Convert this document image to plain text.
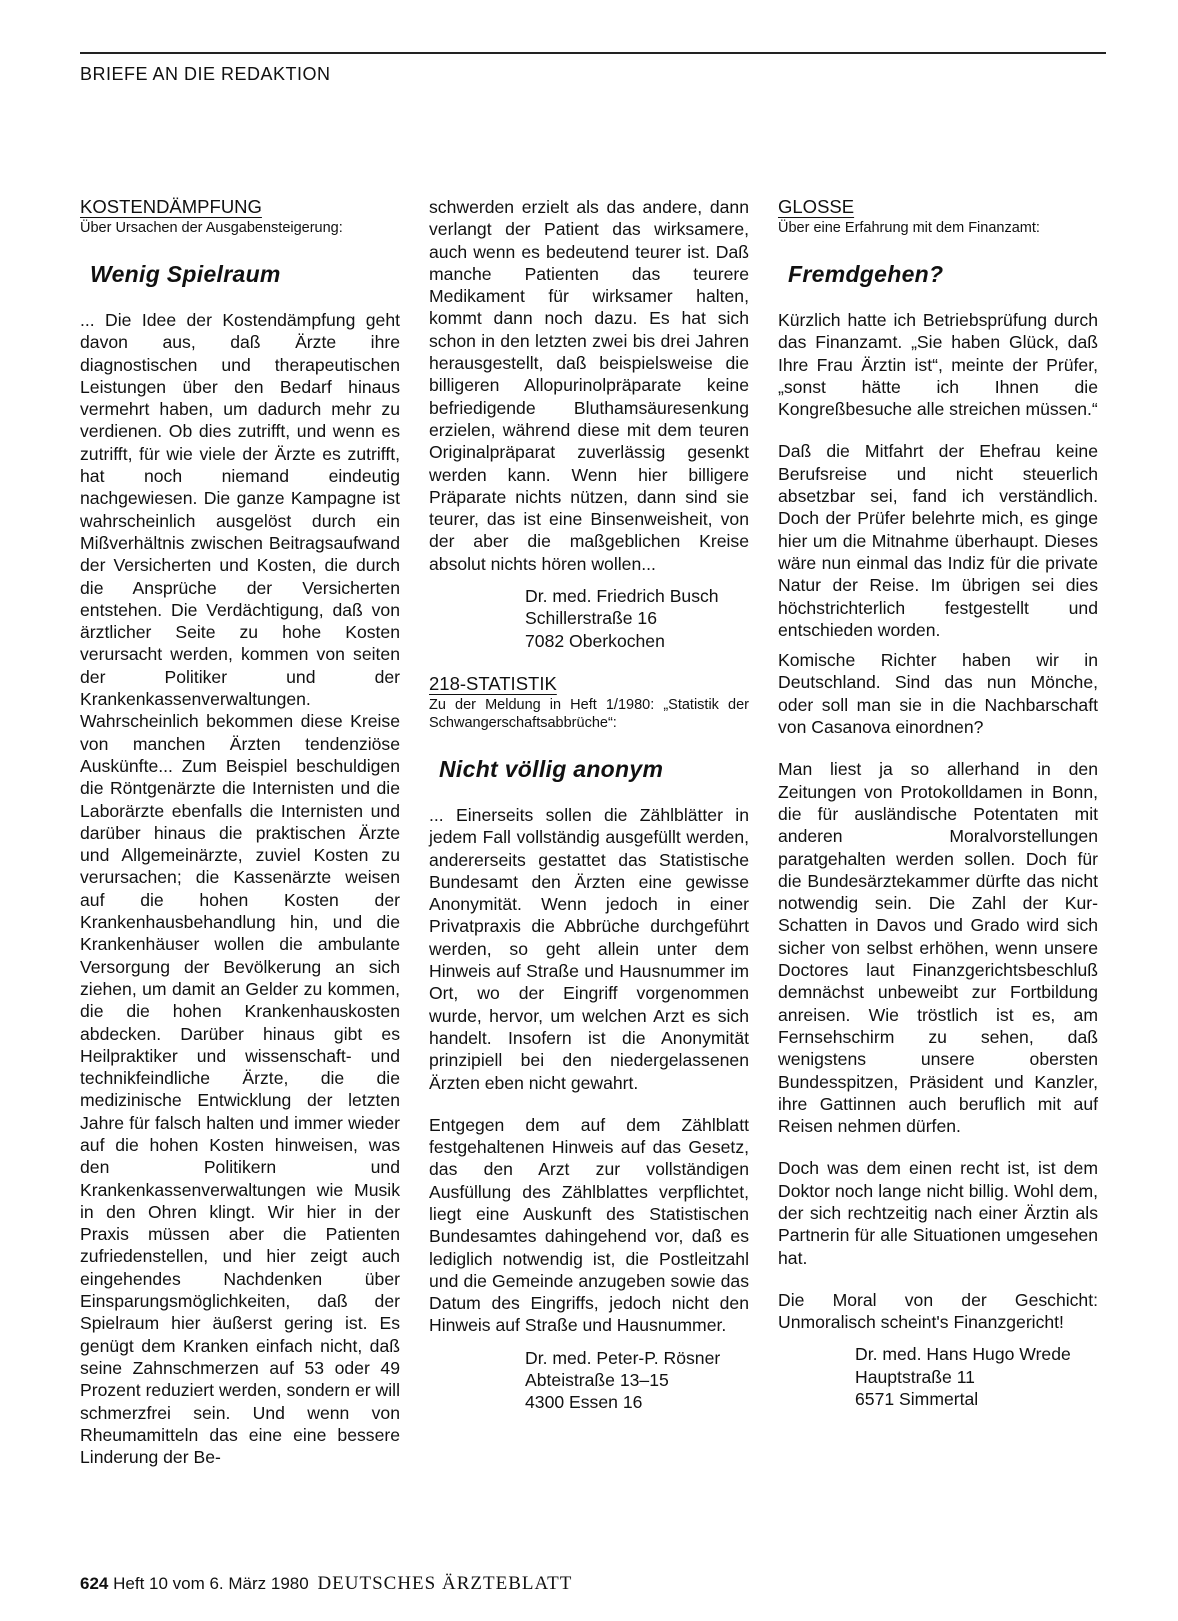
BRIEFE AN DIE REDAKTION

KOSTENDÄMPFUNG

Über Ursachen der Ausgabensteigerung:

Wenig Spielraum

... Die Idee der Kostendämpfung geht davon aus, daß Ärzte ihre diagnostischen und therapeutischen Leistungen über den Bedarf hinaus vermehrt haben, um dadurch mehr zu verdienen. Ob dies zutrifft, und wenn es zutrifft, für wie viele der Ärzte es zutrifft, hat noch niemand eindeutig nachgewiesen. Die ganze Kampagne ist wahrscheinlich ausgelöst durch ein Mißverhältnis zwischen Beitragsaufwand der Versicherten und Kosten, die durch die Ansprüche der Versicherten entstehen. Die Verdächtigung, daß von ärztlicher Seite zu hohe Kosten verursacht werden, kommen von seiten der Politiker und der Krankenkassenverwaltungen. Wahrscheinlich bekommen diese Kreise von manchen Ärzten tendenziöse Auskünfte... Zum Beispiel beschuldigen die Röntgenärzte die Internisten und die Laborärzte ebenfalls die Internisten und darüber hinaus die praktischen Ärzte und Allgemeinärzte, zuviel Kosten zu verursachen; die Kassenärzte weisen auf die hohen Kosten der Krankenhausbehandlung hin, und die Krankenhäuser wollen die ambulante Versorgung der Bevölkerung an sich ziehen, um damit an Gelder zu kommen, die die hohen Krankenhauskosten abdecken. Darüber hinaus gibt es Heilpraktiker und wissenschaft- und technikfeindliche Ärzte, die die medizinische Entwicklung der letzten Jahre für falsch halten und immer wieder auf die hohen Kosten hinweisen, was den Politikern und Krankenkassenverwaltungen wie Musik in den Ohren klingt. Wir hier in der Praxis müssen aber die Patienten zufriedenstellen, und hier zeigt auch eingehendes Nachdenken über Einsparungsmöglichkeiten, daß der Spielraum hier äußerst gering ist. Es genügt dem Kranken einfach nicht, daß seine Zahnschmerzen auf 53 oder 49 Prozent reduziert werden, sondern er will schmerzfrei sein. Und wenn von Rheumamitteln das eine eine bessere Linderung der Be-

schwerden erzielt als das andere, dann verlangt der Patient das wirksamere, auch wenn es bedeutend teurer ist. Daß manche Patienten das teurere Medikament für wirksamer halten, kommt dann noch dazu. Es hat sich schon in den letzten zwei bis drei Jahren herausgestellt, daß beispielsweise die billigeren Allopurinolpräparate keine befriedigende Bluthamsäuresenkung erzielen, während diese mit dem teuren Originalpräparat zuverlässig gesenkt werden kann. Wenn hier billigere Präparate nichts nützen, dann sind sie teurer, das ist eine Binsenweisheit, von der aber die maßgeblichen Kreise absolut nichts hören wollen...

Dr. med. Friedrich Busch
Schillerstraße 16
7082 Oberkochen

218-STATISTIK

Zu der Meldung in Heft 1/1980: „Statistik der Schwangerschaftsabbrüche“:

Nicht völlig anonym

... Einerseits sollen die Zählblätter in jedem Fall vollständig ausgefüllt werden, andererseits gestattet das Statistische Bundesamt den Ärzten eine gewisse Anonymität. Wenn jedoch in einer Privatpraxis die Abbrüche durchgeführt werden, so geht allein unter dem Hinweis auf Straße und Hausnummer im Ort, wo der Eingriff vorgenommen wurde, hervor, um welchen Arzt es sich handelt. Insofern ist die Anonymität prinzipiell bei den niedergelassenen Ärzten eben nicht gewahrt.

Entgegen dem auf dem Zählblatt festgehaltenen Hinweis auf das Gesetz, das den Arzt zur vollständigen Ausfüllung des Zählblattes verpflichtet, liegt eine Auskunft des Statistischen Bundesamtes dahingehend vor, daß es lediglich notwendig ist, die Postleitzahl und die Gemeinde anzugeben sowie das Datum des Eingriffs, jedoch nicht den Hinweis auf Straße und Hausnummer.

Dr. med. Peter-P. Rösner
Abteistraße 13–15
4300 Essen 16

GLOSSE

Über eine Erfahrung mit dem Finanzamt:

Fremdgehen?

Kürzlich hatte ich Betriebsprüfung durch das Finanzamt. „Sie haben Glück, daß Ihre Frau Ärztin ist“, meinte der Prüfer, „sonst hätte ich Ihnen die Kongreßbesuche alle streichen müssen.“

Daß die Mitfahrt der Ehefrau keine Berufsreise und nicht steuerlich absetzbar sei, fand ich verständlich. Doch der Prüfer belehrte mich, es ginge hier um die Mitnahme überhaupt. Dieses wäre nun einmal das Indiz für die private Natur der Reise. Im übrigen sei dies höchstrichterlich festgestellt und entschieden worden.

Komische Richter haben wir in Deutschland. Sind das nun Mönche, oder soll man sie in die Nachbarschaft von Casanova einordnen?

Man liest ja so allerhand in den Zeitungen von Protokolldamen in Bonn, die für ausländische Potentaten mit anderen Moralvorstellungen paratgehalten werden sollen. Doch für die Bundesärztekammer dürfte das nicht notwendig sein. Die Zahl der Kur-Schatten in Davos und Grado wird sich sicher von selbst erhöhen, wenn unsere Doctores laut Finanzgerichtsbeschluß demnächst unbeweibt zur Fortbildung anreisen. Wie tröstlich ist es, am Fernsehschirm zu sehen, daß wenigstens unsere obersten Bundesspitzen, Präsident und Kanzler, ihre Gattinnen auch beruflich mit auf Reisen nehmen dürfen.

Doch was dem einen recht ist, ist dem Doktor noch lange nicht billig. Wohl dem, der sich rechtzeitig nach einer Ärztin als Partnerin für alle Situationen umgesehen hat.

Die Moral von der Geschicht: Unmoralisch scheint's Finanzgericht!

Dr. med. Hans Hugo Wrede
Hauptstraße 11
6571 Simmertal
624 Heft 10 vom 6. März 1980 DEUTSCHES ÄRZTEBLATT
